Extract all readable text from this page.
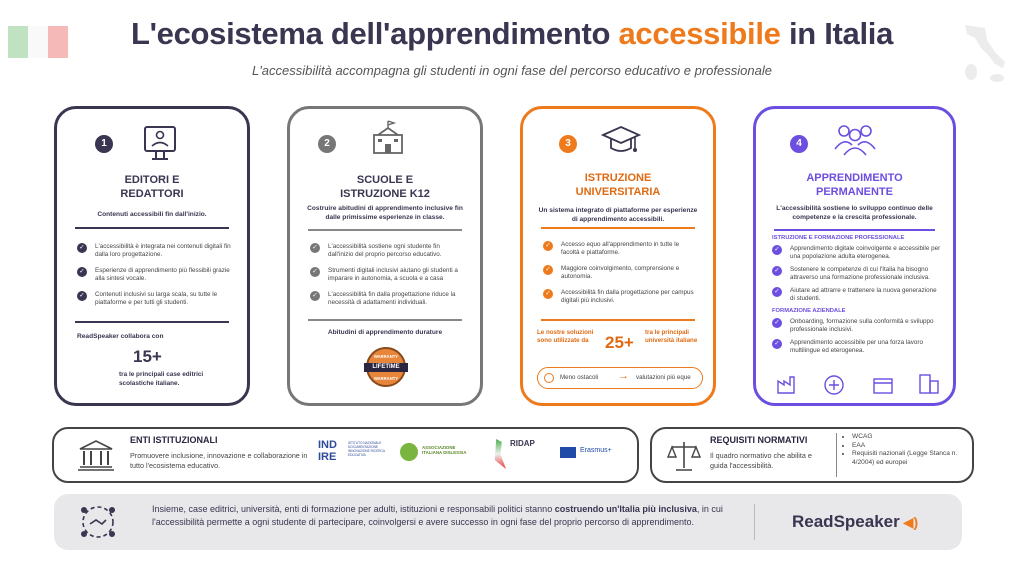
L'ecosistema dell'apprendimento accessibile in Italia
L'accessibilità accompagna gli studenti in ogni fase del percorso educativo e professionale
1
EDITORI E
REDATTORI
Contenuti accessibili fin dall'inizio.
✓	L'accessibilità è integrata nei contenuti digitali fin dalla loro progettazione.
✓	Esperienze di apprendimento più flessibili grazie alla sintesi vocale.
✓	Contenuti inclusivi su larga scala, su tutte le piattaforme e per tutti gli studenti.
ReadSpeaker collabora con
15+
tra le principali case editrici scolastiche italiane.
2
SCUOLE E
ISTRUZIONE K12
Costruire abitudini di apprendimento inclusive fin dalle primissime esperienze in classe.
✓	L'accessibilità sostiene ogni studente fin dall'inizio del proprio percorso educativo.
✓	Strumenti digitali inclusivi aiutano gli studenti a imparare in autonomia, a scuola e a casa
✓	L'accessibilità fin dalla progettazione riduce la necessità di adattamenti individuali.
Abitudini di apprendimento durature
WARRANTY
LIFETIME
WARRANTY
3
ISTRUZIONE
UNIVERSITARIA
Un sistema integrato di piattaforme per esperienze di apprendimento accessibili.
✓	Accesso equo all'apprendimento in tutte le facoltà e piattaforme.
✓	Maggiore coinvolgimento, comprensione e autonomia.
✓	Accessibilità fin dalla progettazione per campus digitali più inclusivi.
Le nostre soluzioni sono utilizzate da 25+
tra le principali università italiane
Meno ostacoli → valutazioni più eque
4
APPRENDIMENTO
PERMANENTE
L'accessibilità sostiene lo sviluppo continuo delle competenze e la crescita professionale.
ISTRUZIONE E FORMAZIONE PROFESSIONALE
✓	Apprendimento digitale coinvolgente e accessibile per una popolazione adulta eterogenea.
✓	Sostenere le competenze di cui l'Italia ha bisogno attraverso una formazione professionale inclusiva.
✓	Aiutare ad attrarre e trattenere la nuova generazione di studenti.
FORMAZIONE AZIENDALE
✓	Onboarding, formazione sulla conformità e sviluppo professionale inclusivi.
✓	Apprendimento accessibile per una forza lavoro multilingue ed eterogenea.
ENTI ISTITUZIONALI
Promuovere inclusione, innovazione e collaborazione in tutto l'ecosistema educativo.
IND IRE
ISTITUTO NAZIONALE DOCUMENTAZIONE INNOVAZIONE RICERCA EDUCATIVA
ASSOCIAZIONE ITALIANA DISLESSIA
RIDAP
Erasmus+
REQUISITI NORMATIVI
Il quadro normativo che abilita e guida l'accessibilità.
• WCAG
• EAA
• Requisiti nazionali (Legge Stanca n. 4/2004) ed europei
Insieme, case editrici, università, enti di formazione per adulti, istituzioni e responsabili politici stanno costruendo un'Italia più inclusiva, in cui l'accessibilità permette a ogni studente di partecipare, coinvolgersi e avere successo in ogni fase del proprio percorso di apprendimento.	ReadSpeaker ◀)
